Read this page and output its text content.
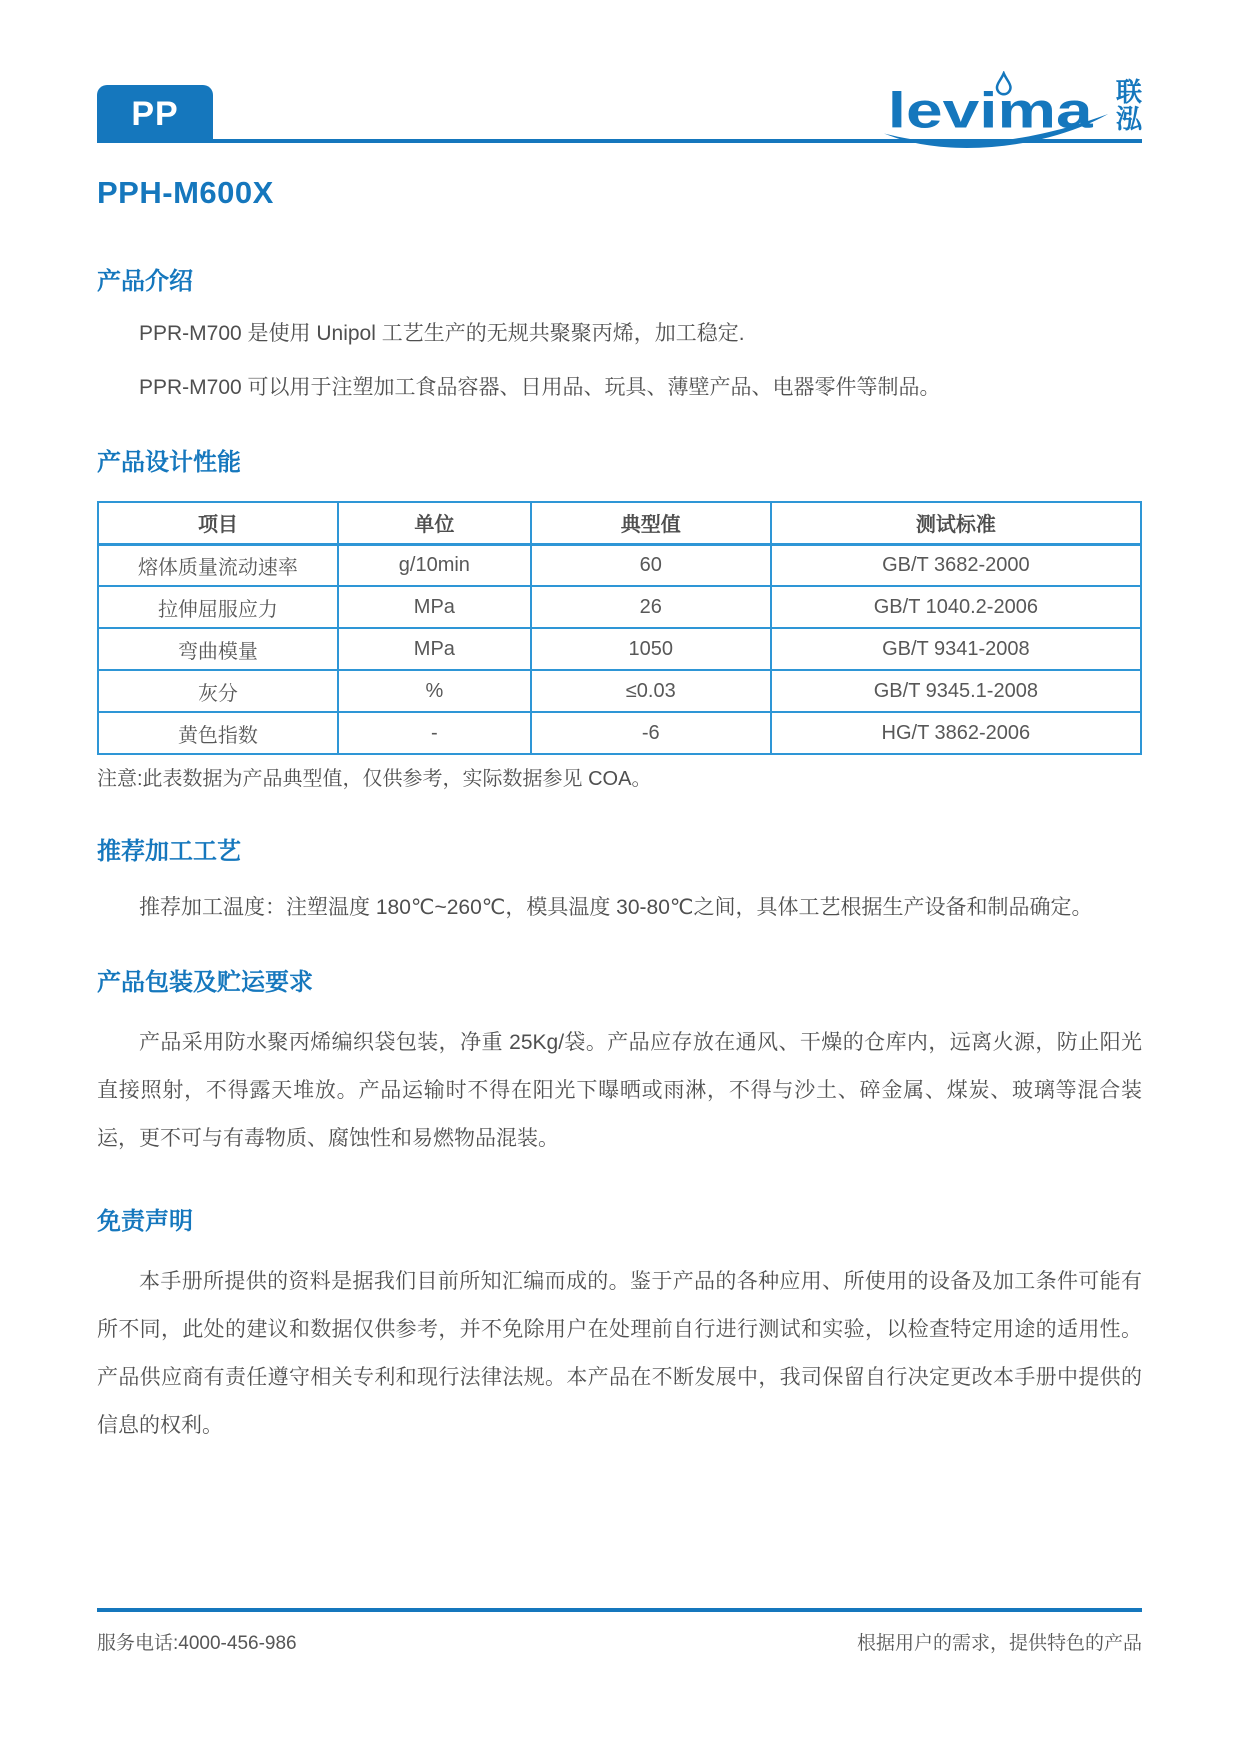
PP	levima 联
泓
PPH-M600X
产品介绍

PPR-M700 是使用 Unipol 工艺生产的无规共聚聚丙烯，加工稳定.

PPR-M700 可以用于注塑加工食品容器、日用品、玩具、薄壁产品、电器零件等制品。

产品设计性能
项目	单位	典型值	测试标准
熔体质量流动速率	g/10min	60	GB/T 3682-2000
拉伸屈服应力	MPa	26	GB/T 1040.2-2006
弯曲模量	MPa	1050	GB/T 9341-2008
灰分	%	≤0.03	GB/T 9345.1-2008
黄色指数	-	-6	HG/T 3862-2006

注意:此表数据为产品典型值，仅供参考，实际数据参见 COA。

推荐加工工艺

推荐加工温度：注塑温度 180℃~260℃，模具温度 30-80℃之间，具体工艺根据生产设备和制品确定。

产品包装及贮运要求

产品采用防水聚丙烯编织袋包装，净重 25Kg/袋。产品应存放在通风、干燥的仓库内，远离火源，防止阳光直接照射，不得露天堆放。产品运输时不得在阳光下曝晒或雨淋，不得与沙土、碎金属、煤炭、玻璃等混合装运，更不可与有毒物质、腐蚀性和易燃物品混装。

免责声明

本手册所提供的资料是据我们目前所知汇编而成的。鉴于产品的各种应用、所使用的设备及加工条件可能有所不同，此处的建议和数据仅供参考，并不免除用户在处理前自行进行测试和实验，以检查特定用途的适用性。产品供应商有责任遵守相关专利和现行法律法规。本产品在不断发展中，我司保留自行决定更改本手册中提供的信息的权利。

服务电话:4000-456-986	根据用户的需求，提供特色的产品
